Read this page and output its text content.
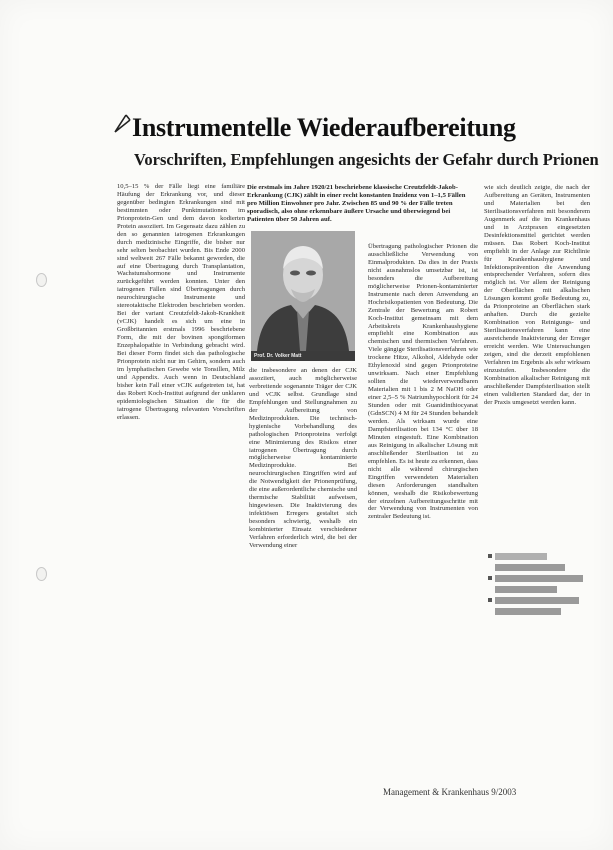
Instrumentelle Wiederaufbereitung
Vorschriften, Empfehlungen angesichts der Gefahr durch Prionen

10,5–15 % der Fälle liegt eine familiäre Häufung der Erkrankung vor, und dieser gegenüber bedingten Erkrankungen sind mit bestimmten oder Punktmutationen im Prionprotein-Gen und dem davon kodierten Protein assoziiert. Im Gegensatz dazu zählen zu den so genannten iatrogenen Erkrankungen durch medizinische Eingriffe, die bisher nur sehr selten beobachtet wurden. Bis Ende 2000 sind weltweit 267 Fälle bekannt geworden, die auf eine Übertragung durch Transplantation, Wachstumshormone und Instrumente zurückgeführt werden konnten. Unter den iatrogenen Fällen sind Übertragungen durch neurochirurgische Instrumente und stereotaktische Elektroden beschrieben worden. Bei der variant Creutzfeldt-Jakob-Krankheit (vCJK) handelt es sich um eine in Großbritannien erstmals 1996 beschriebene Form, die mit der bovinen spongiformen Enzephalopathie in Verbindung gebracht wird. Bei dieser Form findet sich das pathologische Prionprotein nicht nur im Gehirn, sondern auch im lymphatischen Gewebe wie Tonsillen, Milz und Appendix. Auch wenn in Deutschland bisher kein Fall einer vCJK aufgetreten ist, hat das Robert Koch-Institut aufgrund der unklaren epidemiologischen Situation die für die iatrogene Übertragung relevanten Vorschriften erlassen.

Die erstmals im Jahre 1920/21 beschriebene klassische Creutzfeldt-Jakob-Erkrankung (CJK) zählt in einer recht konstanten Inzidenz von 1–1,5 Fällen pro Million Einwohner pro Jahr. Zwischen 85 und 90 % der Fälle treten sporadisch, also ohne erkennbare äußere Ursache und überwiegend bei Patienten über 50 Jahren auf.
Prof. Dr. Volker Matt

die insbesondere an denen der CJK assoziiert, auch möglicherweise verbreitende sogenannte Träger der CJK und vCJK selbst. Grundlage sind Empfehlungen und Stellungnahmen zu der Aufbereitung von Medizinprodukten. Die technisch-hygienische Vorbehandlung des pathologischen Prionproteins verfolgt eine Minimierung des Risikos einer iatrogenen Übertragung durch möglicherweise kontaminierte Medizinprodukte. Bei neurochirurgischen Eingriffen wird auf die Notwendigkeit der Prionenprüfung, die eine außerordentliche chemische und thermische Stabilität aufweisen, hingewiesen. Die Inaktivierung des infektiösen Erregers gestaltet sich besonders schwierig, weshalb ein kombinierter Einsatz verschiedener Verfahren erforderlich wird, die bei der Verwendung einer

Übertragung pathologischer Prionen die ausschließliche Verwendung von Einmalprodukten. Da dies in der Praxis nicht ausnahmslos umsetzbar ist, ist besonders die Aufbereitung möglicherweise Prionen-kontaminierter Instrumente nach deren Anwendung an Hochrisikopatienten von Bedeutung. Die Zentrale der Bewertung am Robert Koch-Institut gemeinsam mit dem Arbeitskreis Krankenhaushygiene empfiehlt eine Kombination aus chemischen und thermischen Verfahren. Viele gängige Sterilisationsverfahren wie trockene Hitze, Alkohol, Aldehyde oder Ethylenoxid sind gegen Prionproteine unwirksam. Nach einer Empfehlung sollten die wiederverwendbaren Materialien mit 1 bis 2 M NaOH oder einer 2,5–5 % Natriumhypochlorit für 24 Stunden oder mit Guanidinthiocyanat (GdnSCN) 4 M für 24 Stunden behandelt werden. Als wirksam wurde eine Dampfsterilisation bei 134 °C über 18 Minuten eingestuft. Eine Kombination aus Reinigung in alkalischer Lösung mit anschließender Sterilisation ist zu empfehlen. Es ist heute zu erkennen, dass nicht alle während chirurgischen Eingriffen verwendeten Materialien diesen Anforderungen standhalten können, weshalb die Risikobewertung der einzelnen Aufbereitungsschritte mit der Verwendung von Instrumenten von zentraler Bedeutung ist.

wie sich deutlich zeigte, die nach der Aufbereitung an Geräten, Instrumenten und Materialien bei den Sterilisationsverfahren mit besonderem Augenmerk auf die im Krankenhaus und in Arztpraxen eingesetzten Desinfektionsmittel gerichtet werden müssen. Das Robert Koch-Institut empfiehlt in der Anlage zur Richtlinie für Krankenhaushygiene und Infektionsprävention die Anwendung entsprechender Verfahren, sofern dies möglich ist. Vor allem der Reinigung der Oberflächen mit alkalischen Lösungen kommt große Bedeutung zu, da Prionproteine an Oberflächen stark anhaften. Durch die gezielte Kombination von Reinigungs- und Sterilisationsverfahren kann eine ausreichende Inaktivierung der Erreger erreicht werden. Wie Untersuchungen zeigen, sind die derzeit empfohlenen Verfahren im Ergebnis als sehr wirksam einzustufen. Insbesondere die Kombination alkalischer Reinigung mit anschließender Dampfsterilisation stellt einen validierten Standard dar, der in der Praxis umgesetzt werden kann.

Management & Krankenhaus 9/2003
